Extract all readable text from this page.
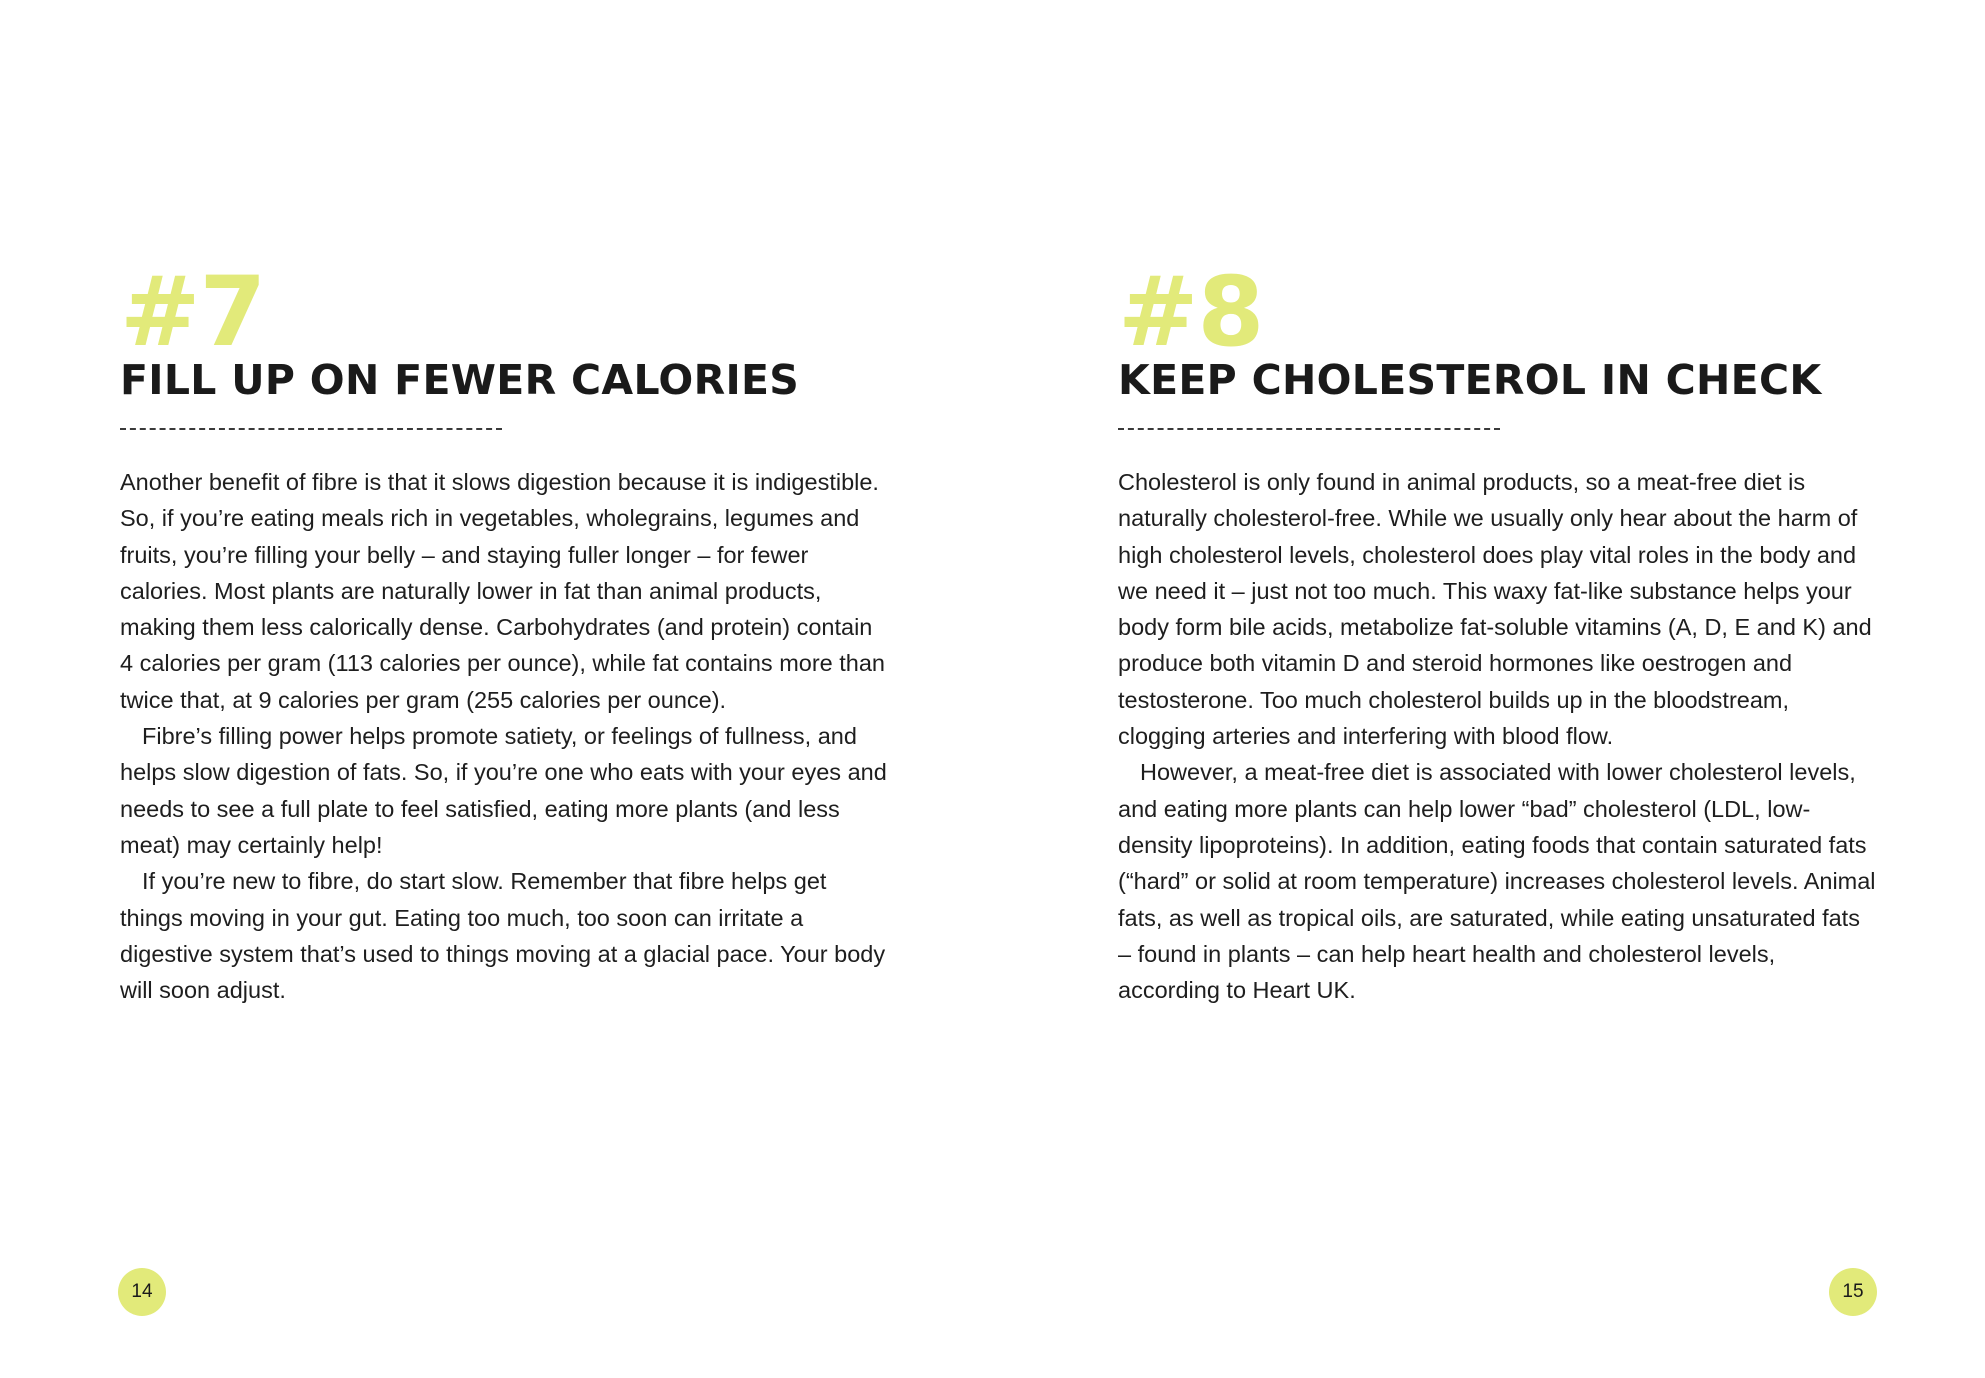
#7
FILL UP ON FEWER CALORIES

Another benefit of fibre is that it slows digestion because it is indigestible. So, if you’re eating meals rich in vegetables, wholegrains, legumes and fruits, you’re filling your belly – and staying fuller longer – for fewer calories. Most plants are naturally lower in fat than animal products, making them less calorically dense. Carbohydrates (and protein) contain 4 calories per gram (113 calories per ounce), while fat contains more than twice that, at 9 calories per gram (255 calories per ounce).

Fibre’s filling power helps promote satiety, or feelings of fullness, and helps slow digestion of fats. So, if you’re one who eats with your eyes and needs to see a full plate to feel satisfied, eating more plants (and less meat) may certainly help!

If you’re new to fibre, do start slow. Remember that fibre helps get things moving in your gut. Eating too much, too soon can irritate a digestive system that’s used to things moving at a glacial pace. Your body will soon adjust.

14
#8
KEEP CHOLESTEROL IN CHECK

Cholesterol is only found in animal products, so a meat-free diet is naturally cholesterol-free. While we usually only hear about the harm of high cholesterol levels, cholesterol does play vital roles in the body and we need it – just not too much. This waxy fat-like substance helps your body form bile acids, metabolize fat-soluble vitamins (A, D, E and K) and produce both vitamin D and steroid hormones like oestrogen and testosterone. Too much cholesterol builds up in the bloodstream, clogging arteries and interfering with blood flow.

However, a meat-free diet is associated with lower cholesterol levels, and eating more plants can help lower “bad” cholesterol (LDL, low-density lipoproteins). In addition, eating foods that contain saturated fats (“hard” or solid at room temperature) increases cholesterol levels. Animal fats, as well as tropical oils, are saturated, while eating unsaturated fats – found in plants – can help heart health and cholesterol levels, according to Heart UK.

15
